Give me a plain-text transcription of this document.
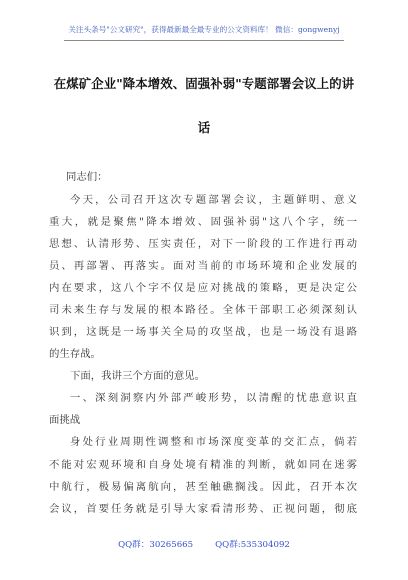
关注头条号"公文研究"，获得最新最全最专业的公文资料库！ 微信：gongwenyj
在煤矿企业"降本增效、固强补弱"专题部署会议上的讲
话
同志们：
今天，公司召开这次专题部署会议，主题鲜明、意义
重大，就是聚焦"降本增效、固强补弱"这八个字，统一
思想、认清形势、压实责任，对下一阶段的工作进行再动
员、再部署、再落实。面对当前的市场环境和企业发展的
内在要求，这八个字不仅是应对挑战的策略，更是决定公
司未来生存与发展的根本路径。全体干部职工必须深刻认
识到，这既是一场事关全局的攻坚战，也是一场没有退路
的生存战。
下面，我讲三个方面的意见。
一、深刻洞察内外部严峻形势，以清醒的忧患意识直
面挑战
身处行业周期性调整和市场深度变革的交汇点，倘若
不能对宏观环境和自身处境有精准的判断，就如同在迷雾
中航行，极易偏离航向，甚至触礁搁浅。因此，召开本次
会议，首要任务就是引导大家看清形势、正视问题，彻底
QQ群：30265665	QQ群:535304092
